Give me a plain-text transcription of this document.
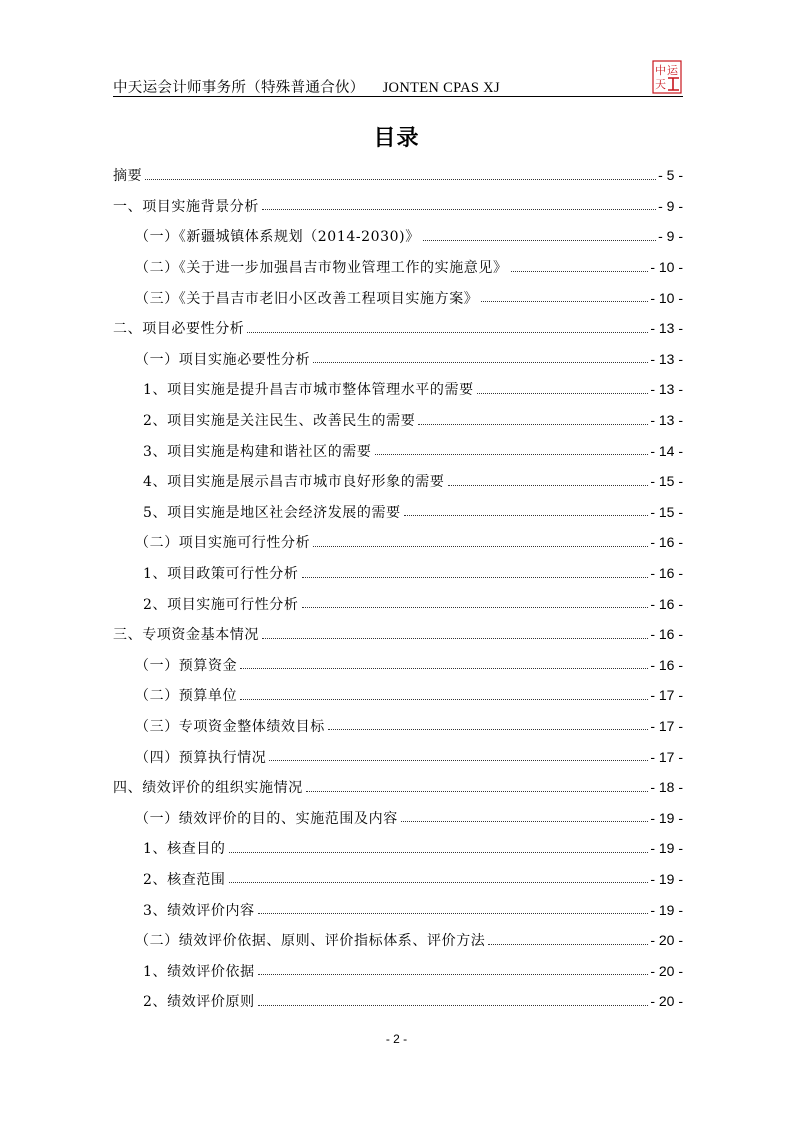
中天运会计师事务所（特殊普通合伙） JONTEN CPAS XJ
中 运
天
目录
摘要	- 5 -
一、项目实施背景分析	- 9 -
（一）《新疆城镇体系规划（2014-2030)》	- 9 -
（二）《关于进一步加强昌吉市物业管理工作的实施意见》	- 10 -
（三）《关于昌吉市老旧小区改善工程项目实施方案》	- 10 -
二、项目必要性分析	- 13 -
（一）项目实施必要性分析	- 13 -
1、项目实施是提升昌吉市城市整体管理水平的需要	- 13 -
2、项目实施是关注民生、改善民生的需要	- 13 -
3、项目实施是构建和谐社区的需要	- 14 -
4、项目实施是展示昌吉市城市良好形象的需要	- 15 -
5、项目实施是地区社会经济发展的需要	- 15 -
（二）项目实施可行性分析	- 16 -
1、项目政策可行性分析	- 16 -
2、项目实施可行性分析	- 16 -
三、专项资金基本情况	- 16 -
（一）预算资金	- 16 -
（二）预算单位	- 17 -
（三）专项资金整体绩效目标	- 17 -
（四）预算执行情况	- 17 -
四、绩效评价的组织实施情况	- 18 -
（一）绩效评价的目的、实施范围及内容	- 19 -
1、核查目的	- 19 -
2、核查范围	- 19 -
3、绩效评价内容	- 19 -
（二）绩效评价依据、原则、评价指标体系、评价方法	- 20 -
1、绩效评价依据	- 20 -
2、绩效评价原则	- 20 -
- 2 -
